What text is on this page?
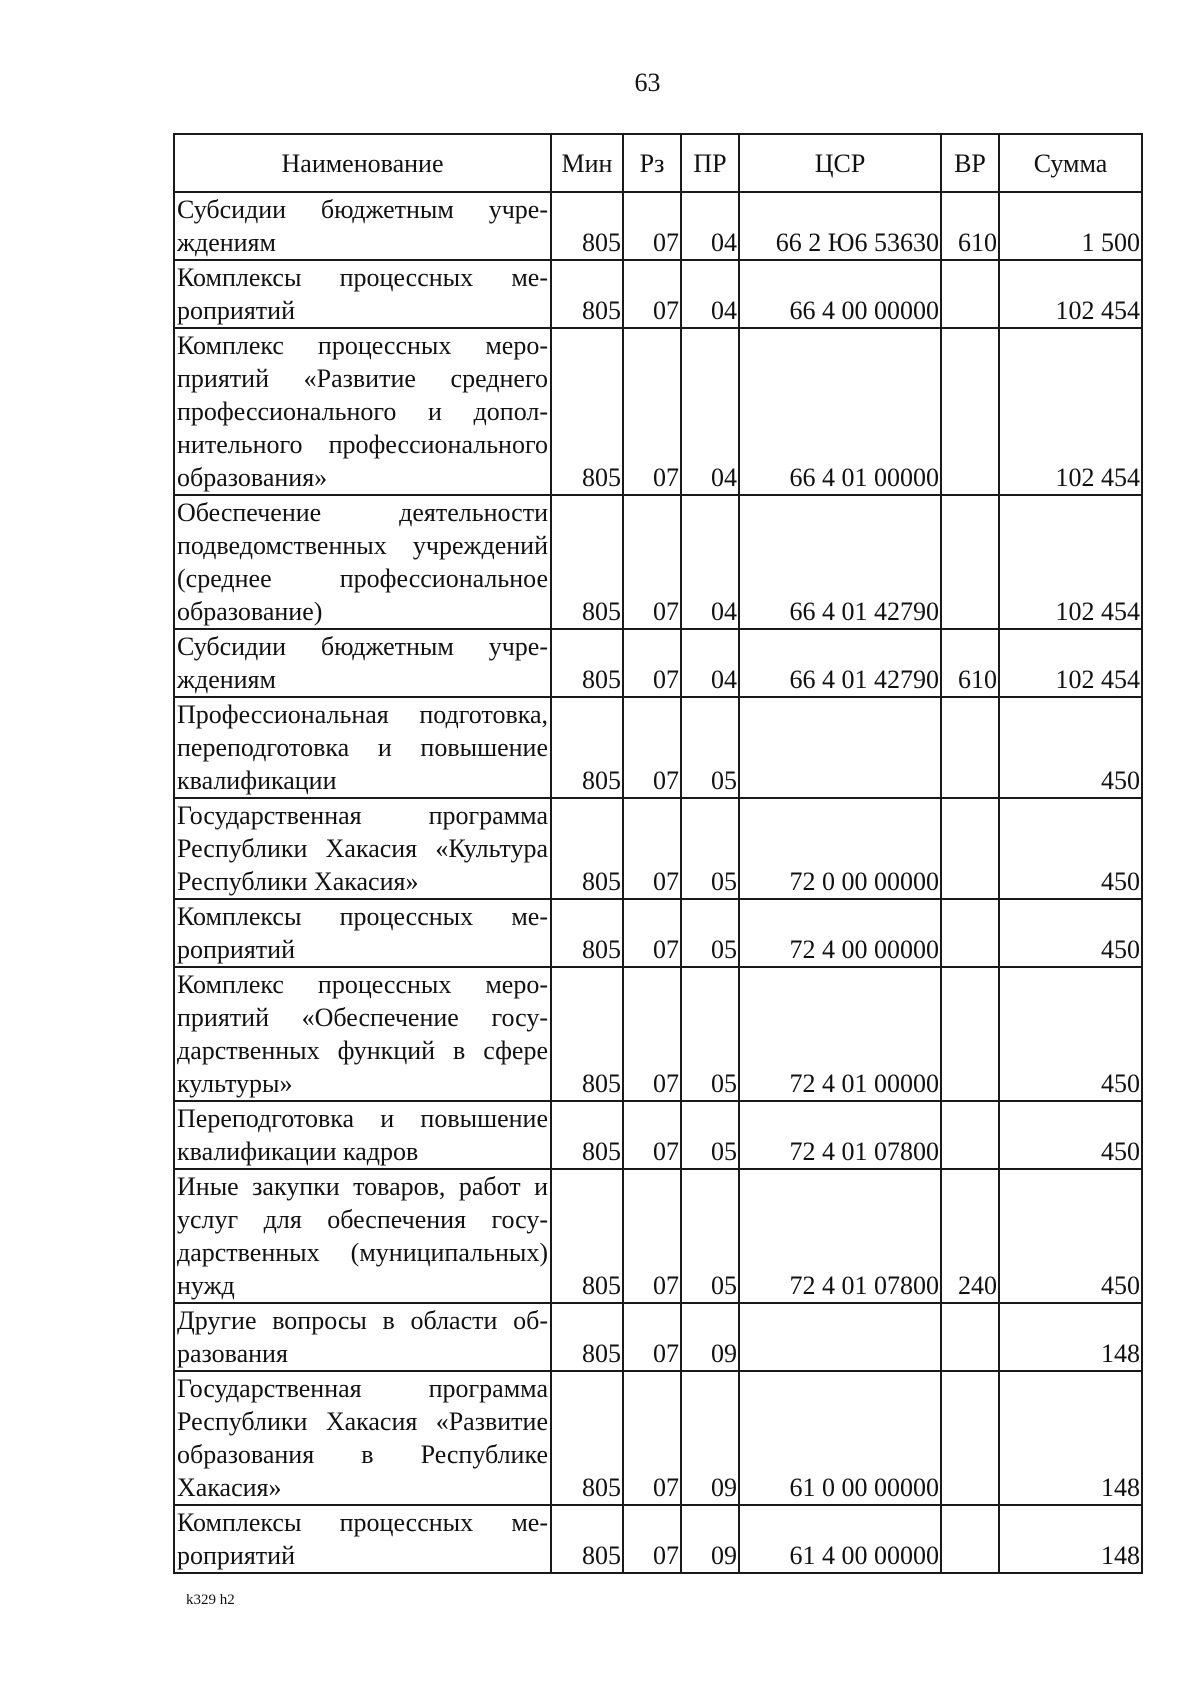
63
Наименование	Мин	Рз	ПР	ЦСР	ВР	Сумма
Субсидии бюджетным учреждениям	805	07	04	66 2 Ю6 53630	610	1 500
Комплексы процессных мероприятий	805	07	04	66 4 00 00000		102 454
Комплекс процессных мероприятий «Развитие среднего профессионального и дополнительного профессионального образования»	805	07	04	66 4 01 00000		102 454
Обеспечение деятельности подведомственных учреждений (среднее профессиональное образование)	805	07	04	66 4 01 42790		102 454
Субсидии бюджетным учреждениям	805	07	04	66 4 01 42790	610	102 454
Профессиональная подготовка, переподготовка и повышение квалификации	805	07	05			450
Государственная программа Республики Хакасия «Культура Республики Хакасия»	805	07	05	72 0 00 00000		450
Комплексы процессных мероприятий	805	07	05	72 4 00 00000		450
Комплекс процессных мероприятий «Обеспечение государственных функций в сфере культуры»	805	07	05	72 4 01 00000		450
Переподготовка и повышение квалификации кадров	805	07	05	72 4 01 07800		450
Иные закупки товаров, работ и услуг для обеспечения государственных (муниципальных) нужд	805	07	05	72 4 01 07800	240	450
Другие вопросы в области образования	805	07	09			148
Государственная программа Республики Хакасия «Развитие образования в Республике Хакасия»	805	07	09	61 0 00 00000		148
Комплексы процессных мероприятий	805	07	09	61 4 00 00000		148
k329 h2
